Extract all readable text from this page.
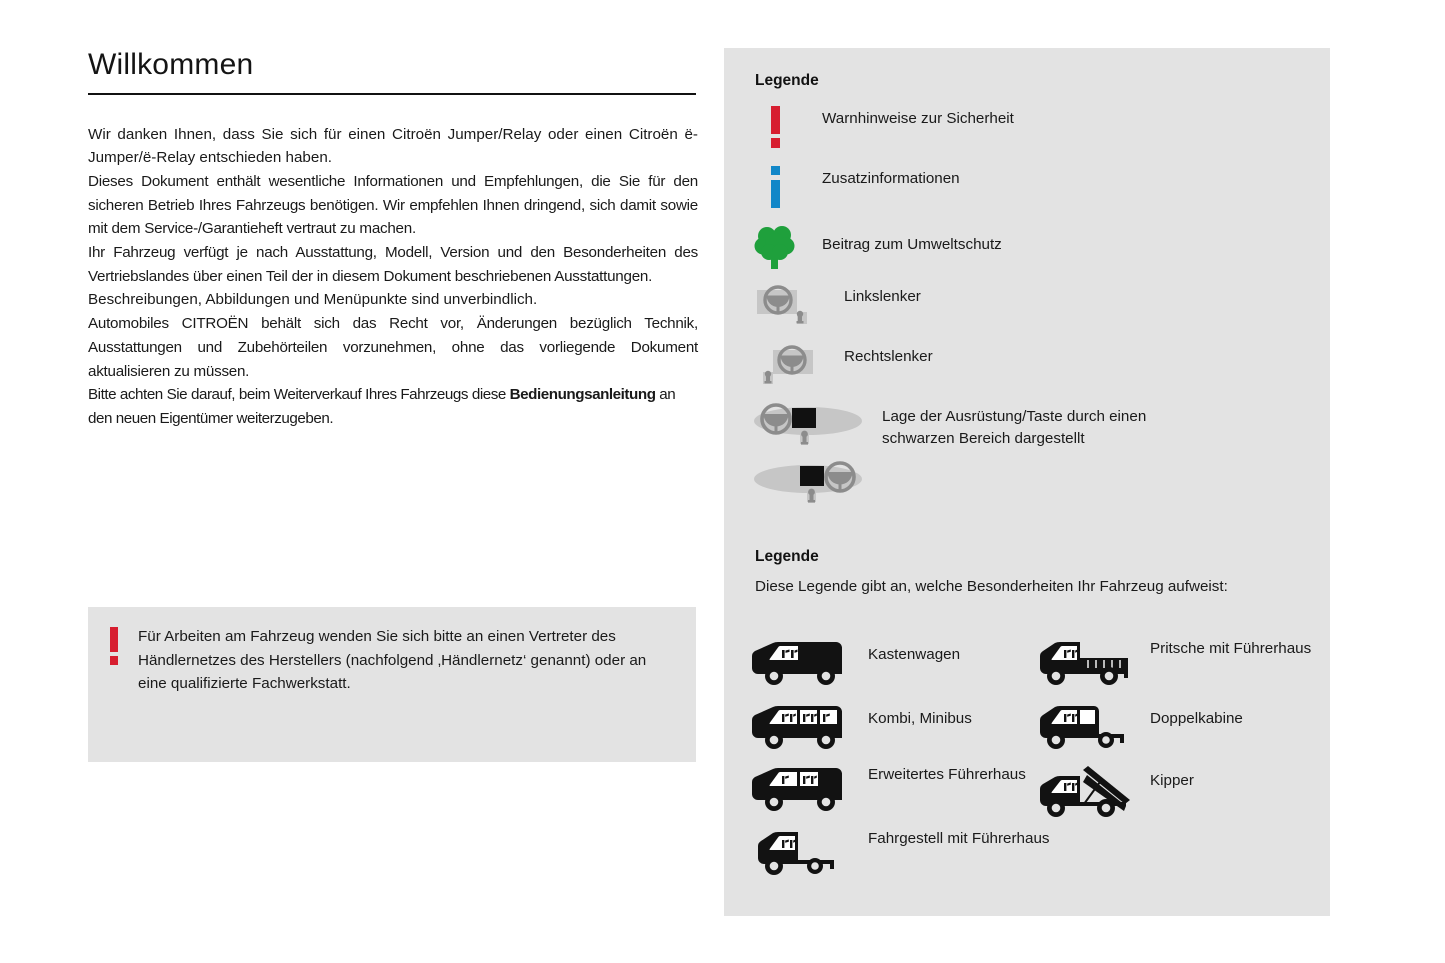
Willkommen

Wir danken Ihnen, dass Sie sich für einen Citroën Jumper/Relay oder einen Citroën ë-Jumper/ë-Relay entschieden haben.

Dieses Dokument enthält wesentliche Informationen und Empfehlungen, die Sie für den sicheren Betrieb Ihres Fahrzeugs benötigen. Wir empfehlen Ihnen dringend, sich damit sowie mit dem Service-/Garantieheft vertraut zu machen.

Ihr Fahrzeug verfügt je nach Ausstattung, Modell, Version und den Besonderheiten des Vertriebslandes über einen Teil der in diesem Dokument beschriebenen Ausstattungen.

Beschreibungen, Abbildungen und Menüpunkte sind unverbindlich.

Automobiles CITROËN behält sich das Recht vor, Änderungen bezüglich Technik, Ausstattungen und Zubehörteilen vorzunehmen, ohne das vorliegende Dokument aktualisieren zu müssen.

Bitte achten Sie darauf, beim Weiterverkauf Ihres Fahrzeugs diese Bedienungsanleitung an den neuen Eigentümer weiterzugeben.

Für Arbeiten am Fahrzeug wenden Sie sich bitte an einen Vertreter des Händlernetzes des Herstellers (nachfolgend ‚Händlernetz‘ genannt) oder an eine qualifizierte Fachwerkstatt.
Legende
Warnhinweise zur Sicherheit
Zusatzinformationen
Beitrag zum Umweltschutz
Linkslenker
Rechtslenker
Lage der Ausrüstung/Taste durch einen schwarzen Bereich dargestellt
Legende
Diese Legende gibt an, welche Besonderheiten Ihr Fahrzeug aufweist:
Kastenwagen
Kombi, Minibus
Erweitertes Führerhaus
Fahrgestell mit Führerhaus
Pritsche mit Führerhaus
Doppelkabine
Kipper
